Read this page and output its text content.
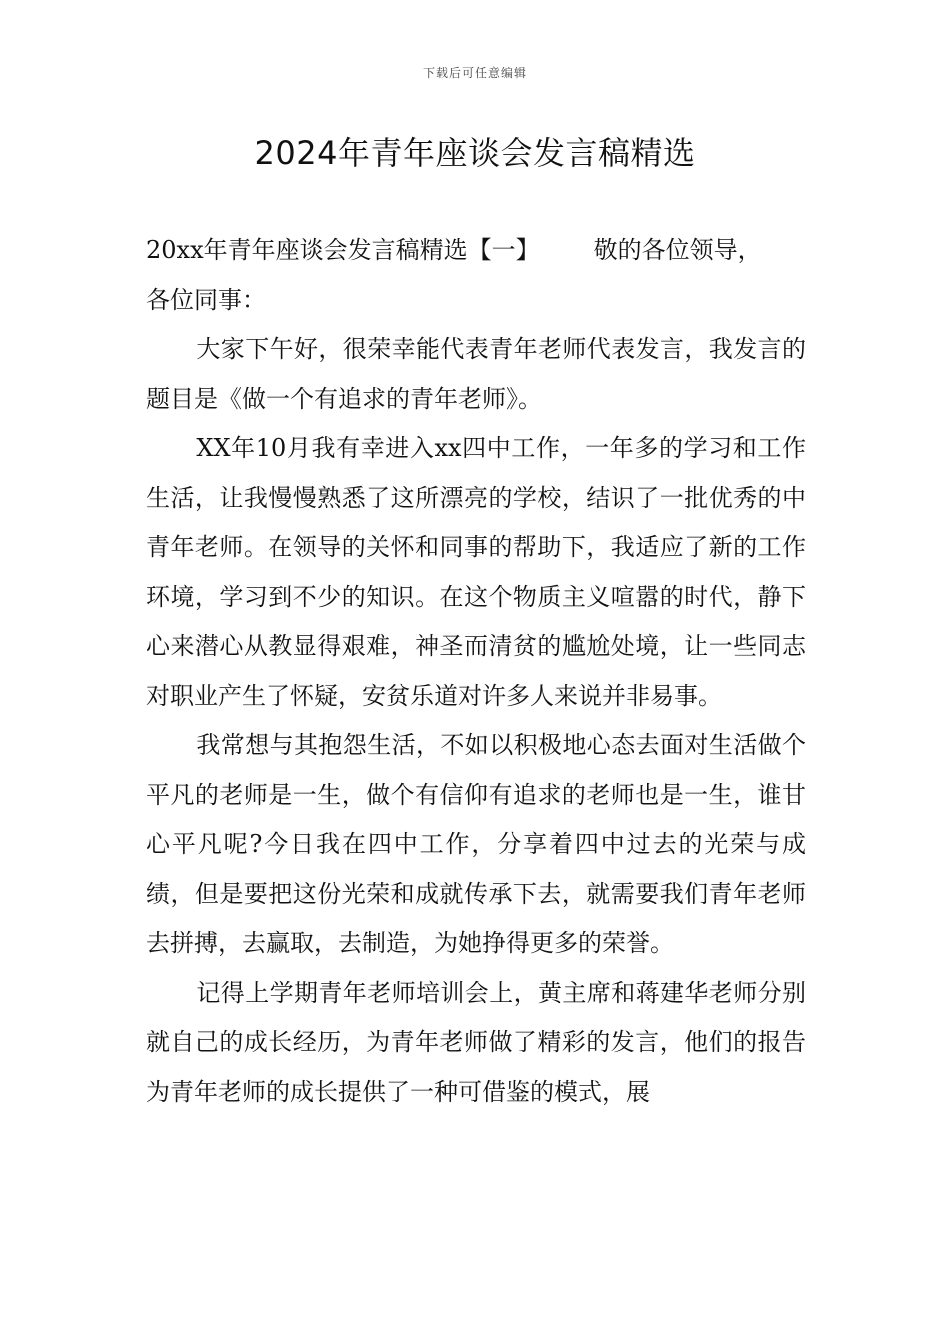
下载后可任意编辑
2024年青年座谈会发言稿精选

20xx年青年座谈会发言稿精选【一】 敬的各位领导，

各位同事：

大家下午好，很荣幸能代表青年老师代表发言，我发言的题目是《做一个有追求的青年老师》。

XX年10月我有幸进入xx四中工作，一年多的学习和工作生活，让我慢慢熟悉了这所漂亮的学校，结识了一批优秀的中青年老师。在领导的关怀和同事的帮助下，我适应了新的工作环境，学习到不少的知识。在这个物质主义喧嚣的时代，静下心来潜心从教显得艰难，神圣而清贫的尴尬处境，让一些同志对职业产生了怀疑，安贫乐道对许多人来说并非易事。

我常想与其抱怨生活，不如以积极地心态去面对生活做个平凡的老师是一生，做个有信仰有追求的老师也是一生，谁甘心平凡呢?今日我在四中工作，分享着四中过去的光荣与成绩，但是要把这份光荣和成就传承下去，就需要我们青年老师去拼搏，去赢取，去制造，为她挣得更多的荣誉。

记得上学期青年老师培训会上，黄主席和蒋建华老师分别就自己的成长经历，为青年老师做了精彩的发言，他们的报告为青年老师的成长提供了一种可借鉴的模式，展
